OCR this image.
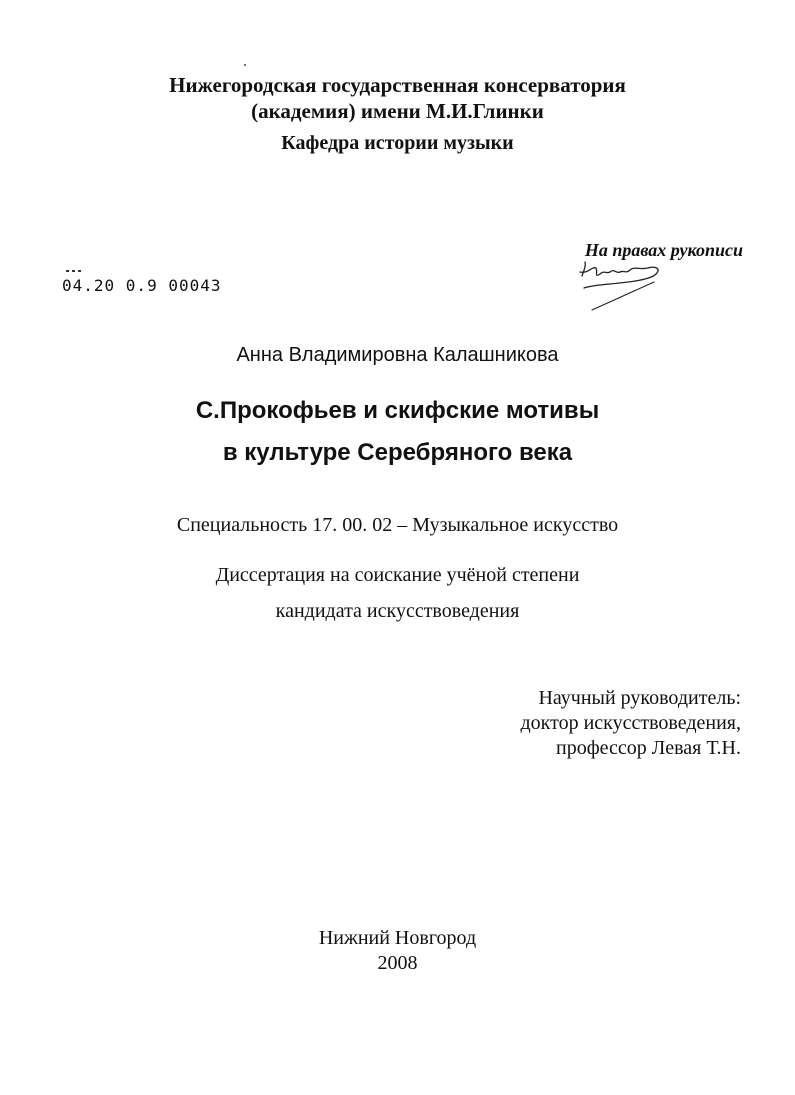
Нижегородская государственная консерватория
(академия) имени М.И.Глинки
Кафедра истории музыки
На правах рукописи
04.20 0.9 00043
Анна Владимировна Калашникова
С.Прокофьев и скифские мотивы
в культуре Серебряного века
Специальность 17. 00. 02 – Музыкальное искусство
Диссертация на соискание учёной степени
кандидата искусствоведения
Научный руководитель:
доктор искусствоведения,
профессор Левая Т.Н.
Нижний Новгород
2008
